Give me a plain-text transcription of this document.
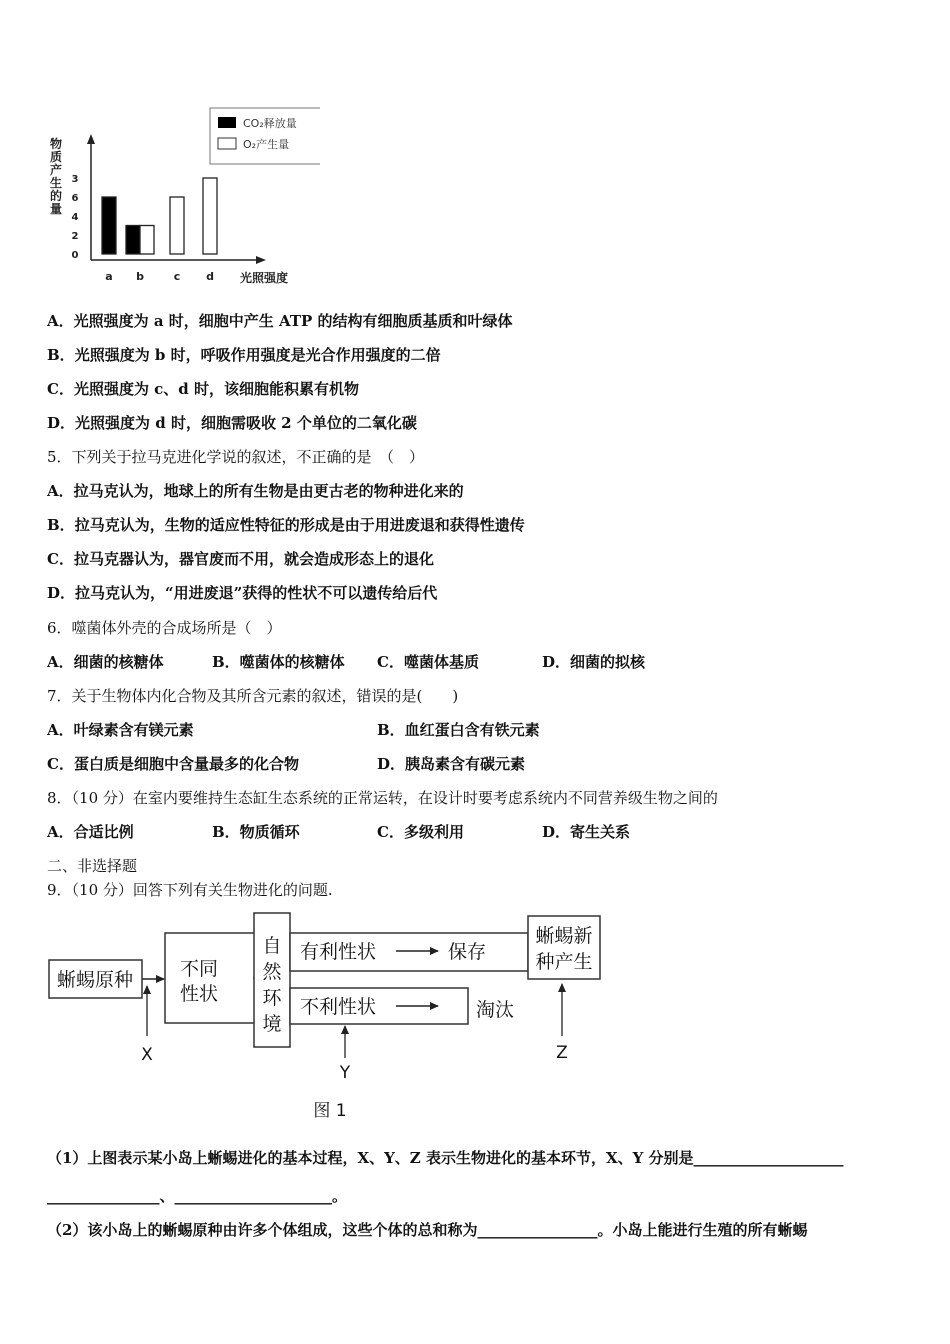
CO₂释放量
O₂产生量
物
质
产
生
的
量
0
2
4
6
3
a b	c d 光照强度
A．光照强度为 a 时，细胞中产生 ATP 的结构有细胞质基质和叶绿体
B．光照强度为 b 时，呼吸作用强度是光合作用强度的二倍
C．光照强度为 c、d 时，该细胞能积累有机物
D．光照强度为 d 时，细胞需吸收 2 个单位的二氧化碳
5．下列关于拉马克进化学说的叙述，不正确的是　（　）
A．拉马克认为，地球上的所有生物是由更古老的物种进化来的
B．拉马克认为，生物的适应性特征的形成是由于用进废退和获得性遗传
C．拉马克器认为，器官废而不用，就会造成形态上的退化
D．拉马克认为，“用进废退”获得的性状不可以遗传给后代
6．噬菌体外壳的合成场所是（　）
A．细菌的核糖体	B．噬菌体的核糖体 C．噬菌体基质	D．细菌的拟核
7．关于生物体内化合物及其所含元素的叙述，错误的是(　　)
A．叶绿素含有镁元素	B．血红蛋白含有铁元素
C．蛋白质是细胞中含量最多的化合物	D．胰岛素含有碳元素
8．（10 分）在室内要维持生态缸生态系统的正常运转，在设计时要考虑系统内不同营养级生物之间的
A．合适比例	B．物质循环	C．多级利用	D．寄生关系
二、非选择题
9．（10 分）回答下列有关生物进化的问题.
蜥蜴原种 不同
性状
自
然
环
境
有利性状	保存
不利性状	淘汰
蜥蜴新
种产生
X
Y
Z
图 1
（1）上图表示某小岛上蜥蜴进化的基本过程，X、Y、Z 表示生物进化的基本环节，X、Y 分别是____________________
_______________、_____________________。
（2）该小岛上的蜥蜴原种由许多个体组成，这些个体的总和称为________________。小岛上能进行生殖的所有蜥蜴
